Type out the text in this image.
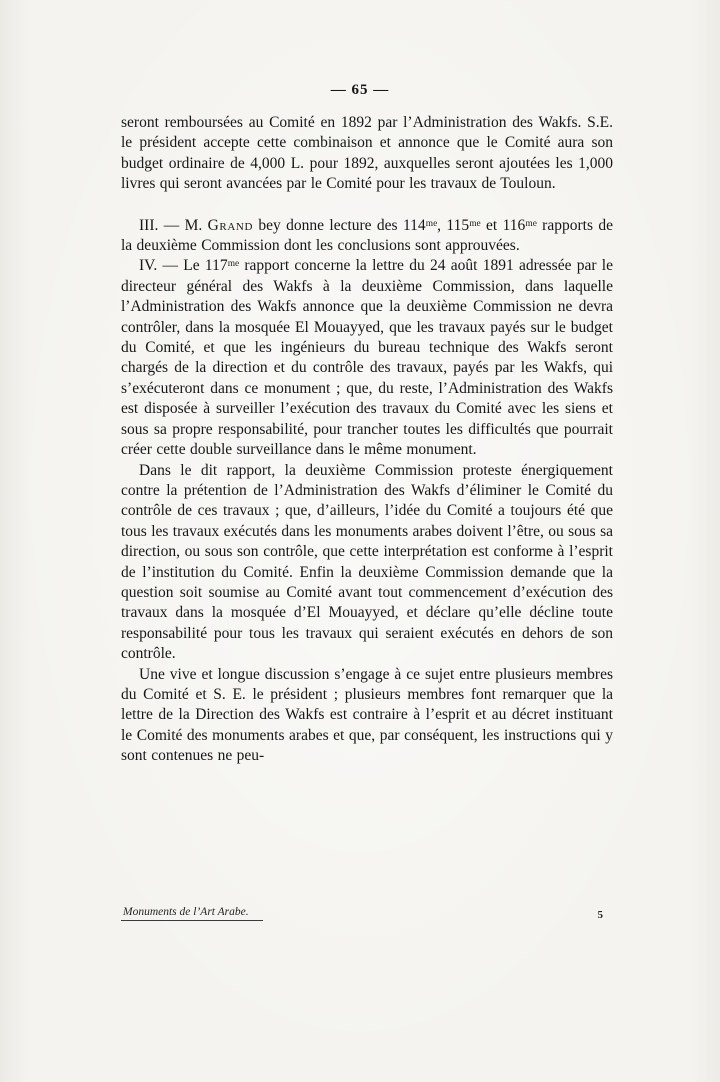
— 65 —

seront remboursées au Comité en 1892 par l’Administration des Wakfs. S.E. le président accepte cette combinaison et annonce que le Comité aura son budget ordinaire de 4,000 L. pour 1892, auxquelles seront ajoutées les 1,000 livres qui seront avancées par le Comité pour les travaux de Touloun.

III. — M. Grand bey donne lecture des 114ᵐᵉ, 115ᵐᵉ et 116ᵐᵉ rapports de la deuxième Commission dont les conclusions sont approuvées.

IV. — Le 117ᵐᵉ rapport concerne la lettre du 24 août 1891 adressée par le directeur général des Wakfs à la deuxième Commission, dans laquelle l’Administration des Wakfs annonce que la deuxième Commission ne devra contrôler, dans la mosquée El Mouayyed, que les travaux payés sur le budget du Comité, et que les ingénieurs du bureau technique des Wakfs seront chargés de la direction et du contrôle des travaux, payés par les Wakfs, qui s’exécuteront dans ce monument ; que, du reste, l’Administration des Wakfs est disposée à surveiller l’exécution des travaux du Comité avec les siens et sous sa propre responsabilité, pour trancher toutes les difficultés que pourrait créer cette double surveillance dans le même monument.

Dans le dit rapport, la deuxième Commission proteste énergiquement contre la prétention de l’Administration des Wakfs d’éliminer le Comité du contrôle de ces travaux ; que, d’ailleurs, l’idée du Comité a toujours été que tous les travaux exécutés dans les monuments arabes doivent l’être, ou sous sa direction, ou sous son contrôle, que cette interprétation est conforme à l’esprit de l’institution du Comité. Enfin la deuxième Commission demande que la question soit soumise au Comité avant tout commencement d’exécution des travaux dans la mosquée d’El Mouayyed, et déclare qu’elle décline toute responsabilité pour tous les travaux qui seraient exécutés en dehors de son contrôle.

Une vive et longue discussion s’engage à ce sujet entre plusieurs membres du Comité et S. E. le président ; plusieurs membres font remarquer que la lettre de la Direction des Wakfs est contraire à l’esprit et au décret instituant le Comité des monuments arabes et que, par conséquent, les instructions qui y sont contenues ne peu-

Monuments de l’Art Arabe.	5
